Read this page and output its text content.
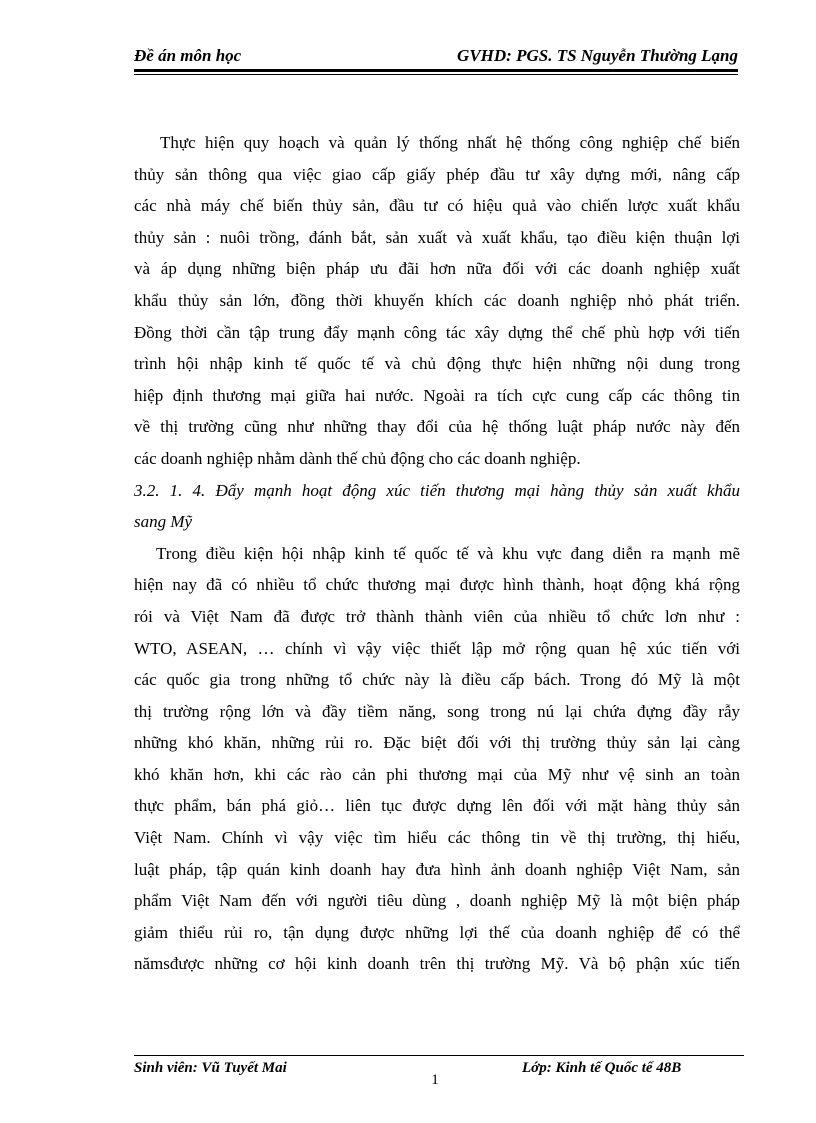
Đề án môn học	GVHD: PGS. TS Nguyễn Thường Lạng
Thực hiện quy hoạch và quản lý thống nhất hệ thống công nghiệp chế biến
thủy sản thông qua việc giao cấp giấy phép đầu tư xây dựng mới, nâng cấp
các nhà máy chế biến thủy sản, đầu tư có hiệu quả vào chiến lược xuất khẩu
thủy sản : nuôi trồng, đánh bắt, sản xuất và xuất khẩu, tạo điều kiện thuận lợi
và áp dụng những biện pháp ưu đãi hơn nữa đối với các doanh nghiệp xuất
khẩu thủy sản lớn, đồng thời khuyến khích các doanh nghiệp nhỏ phát triển.
Đồng thời cần tập trung đẩy mạnh công tác xây dựng thể chế phù hợp với tiến
trình hội nhập kinh tế quốc tế và chủ động thực hiện những nội dung trong
hiệp định thương mại giữa hai nước. Ngoài ra tích cực cung cấp các thông tin
về thị trường cũng như những thay đổi của hệ thống luật pháp nước này đến
các doanh nghiệp nhằm dành thế chủ động cho các doanh nghiệp.
3.2. 1. 4. Đẩy mạnh hoạt động xúc tiến thương mại hàng thủy sản xuất khẩu
sang Mỹ
Trong điều kiện hội nhập kinh tế quốc tế và khu vực đang diễn ra mạnh mẽ
hiện nay đã có nhiều tổ chức thương mại được hình thành, hoạt động khá rộng
rói và Việt Nam đã được trở thành thành viên của nhiều tổ chức lơn như :
WTO, ASEAN, … chính vì vậy việc thiết lập mở rộng quan hệ xúc tiến với
các quốc gia trong những tổ chức này là điều cấp bách. Trong đó Mỹ là một
thị trường rộng lớn và đầy tiềm năng, song trong nú lại chứa đựng đầy rẫy
những khó khăn, những rủi ro. Đặc biệt đối với thị trường thủy sản lại càng
khó khăn hơn, khi các rào cản phi thương mại của Mỹ như vệ sinh an toàn
thực phẩm, bán phá giỏ… liên tục được dựng lên đối với mặt hàng thủy sản
Việt Nam. Chính vì vậy việc tìm hiểu các thông tin về thị trường, thị hiếu,
luật pháp, tập quán kinh doanh hay đưa hình ảnh doanh nghiệp Việt Nam, sản
phẩm Việt Nam đến với người tiêu dùng , doanh nghiệp Mỹ là một biện pháp
giảm thiểu rủi ro, tận dụng được những lợi thế của doanh nghiệp để có thể
nămsđược những cơ hội kinh doanh trên thị trường Mỹ. Và bộ phận xúc tiến
Sinh viên: Vũ Tuyết Mai	Lớp: Kinh tế Quốc tế 48B
1
